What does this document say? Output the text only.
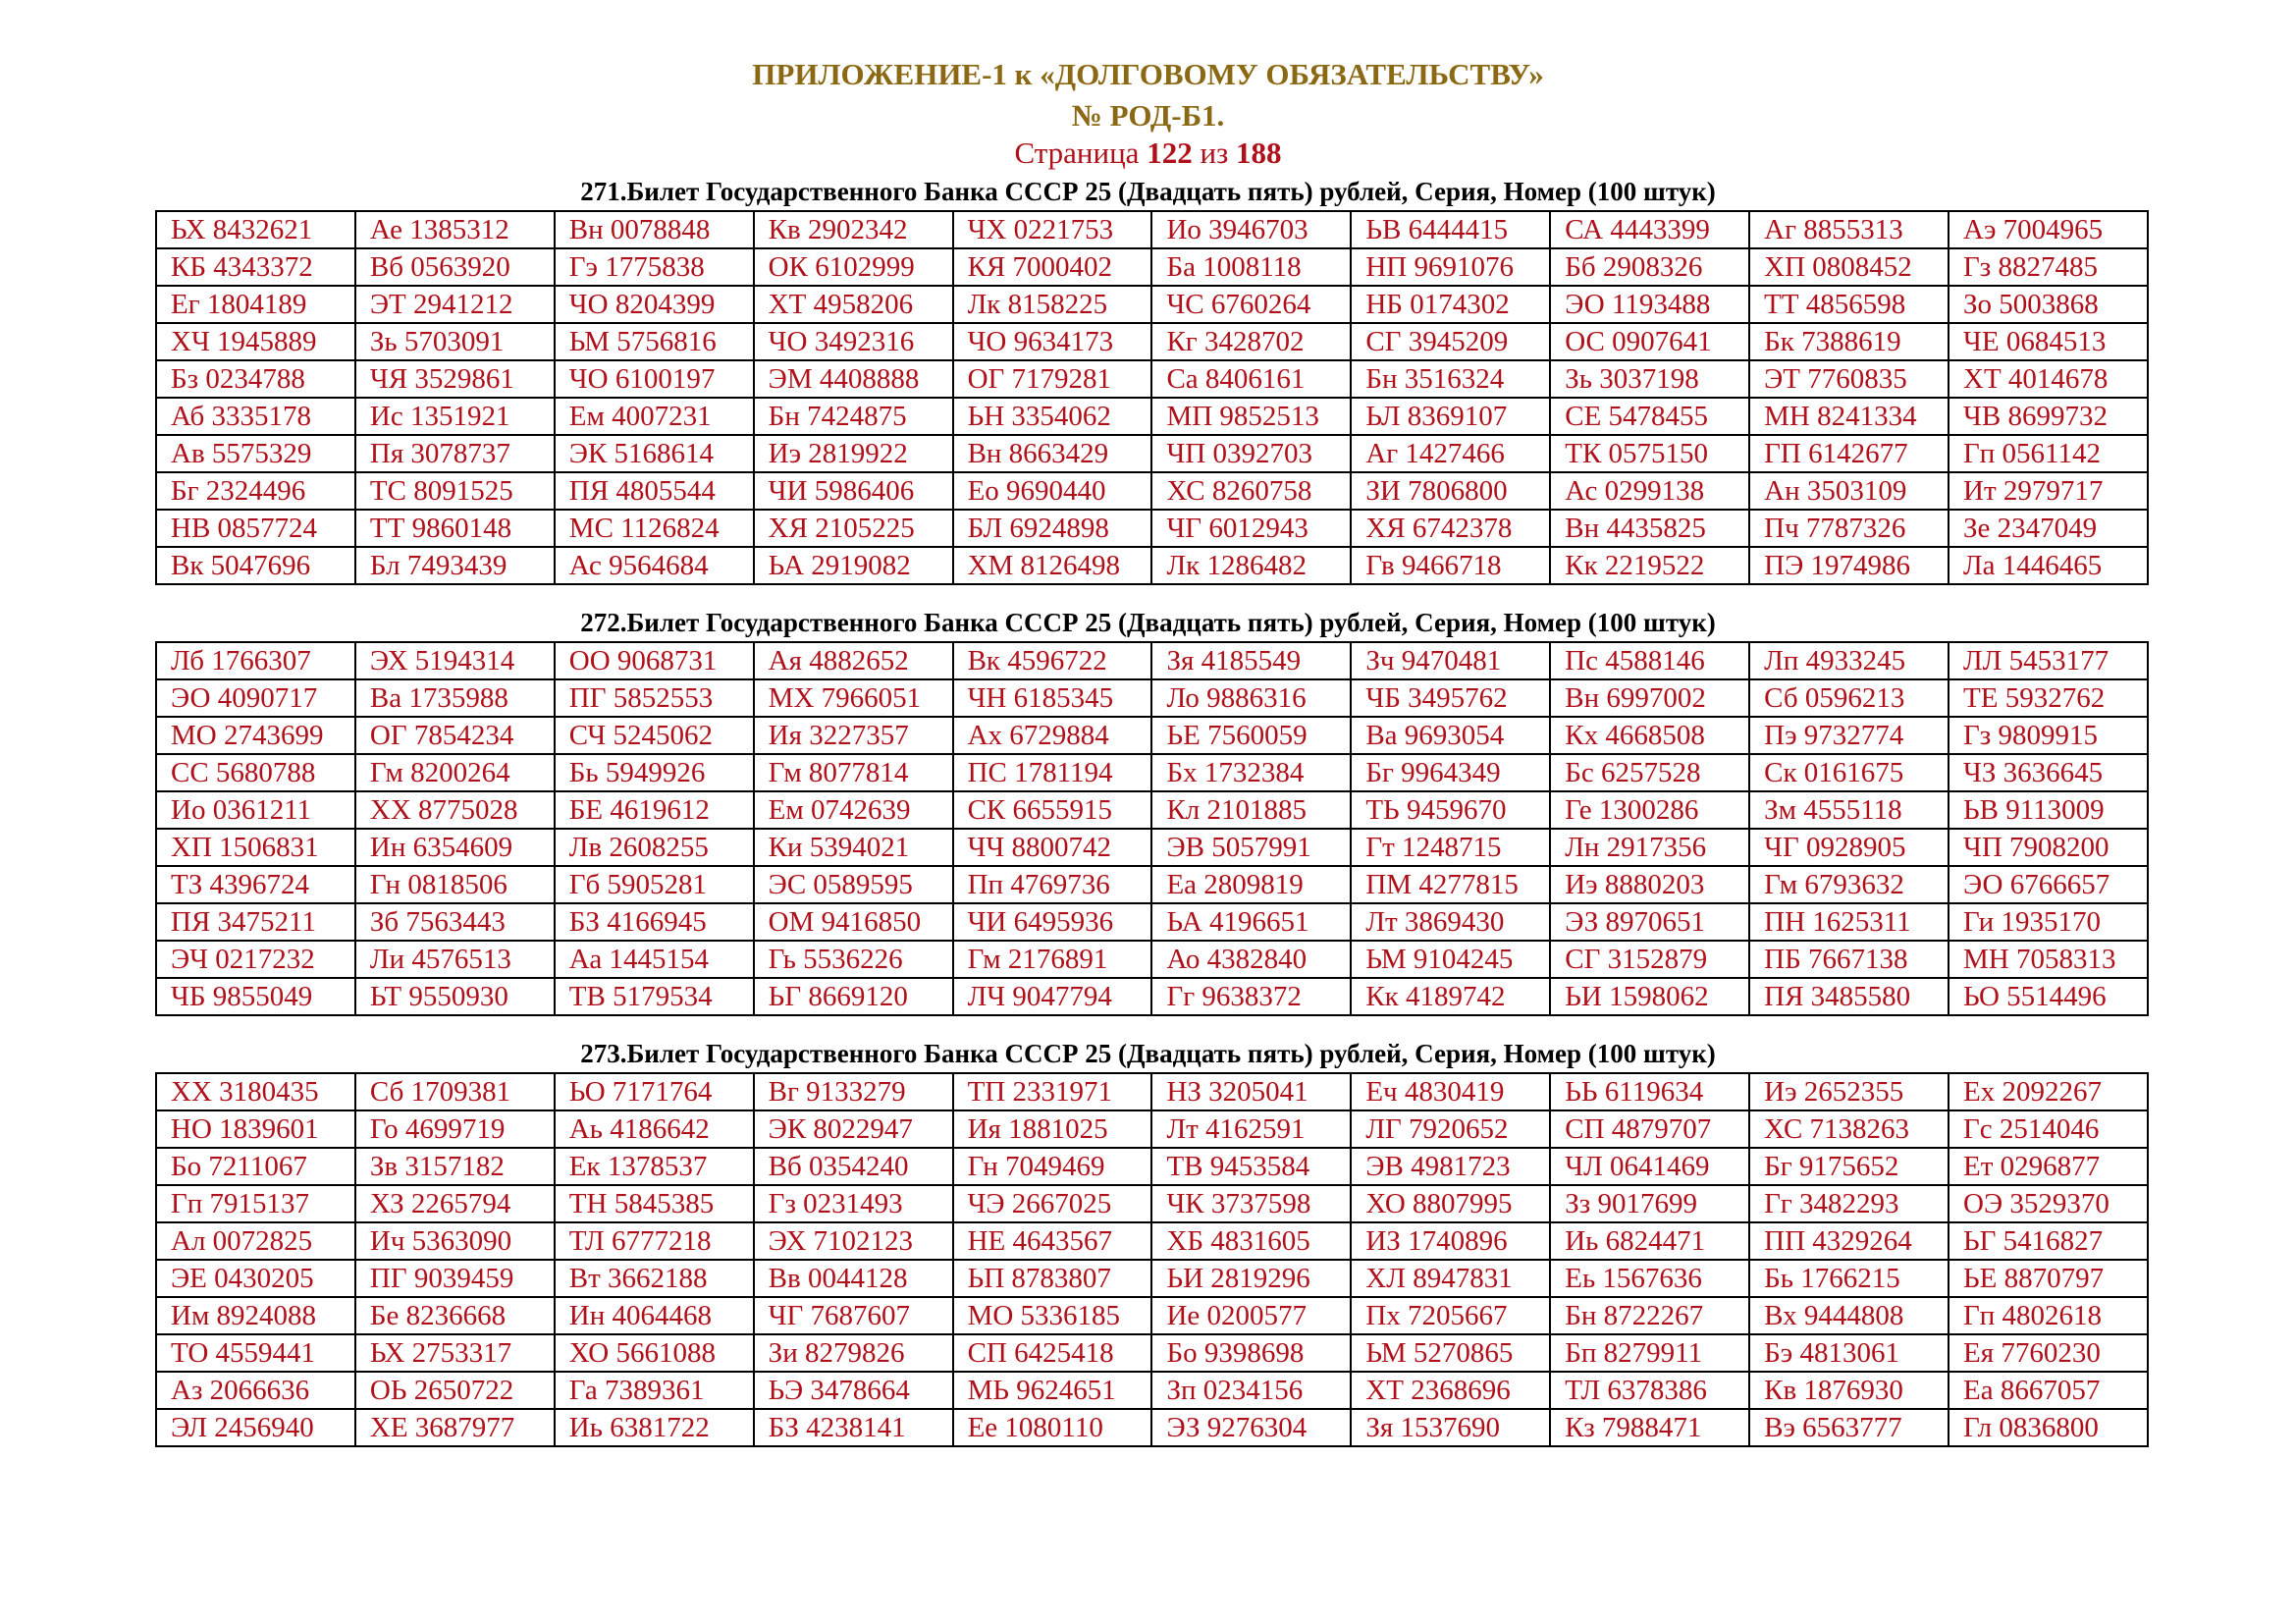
ПРИЛОЖЕНИЕ-1 к «ДОЛГОВОМУ ОБЯЗАТЕЛЬСТВУ»
№ РОД-Б1.
Страница 122 из 188
271.Билет Государственного Банка СССР 25 (Двадцать пять) рублей, Серия, Номер (100 штук)
ЬХ 8432621	Ае 1385312	Вн 0078848	Кв 2902342	ЧХ 0221753	Ио 3946703	ЬВ 6444415	СА 4443399	Аг 8855313	Аэ 7004965
КБ 4343372	Вб 0563920	Гэ 1775838	ОК 6102999	КЯ 7000402	Ба 1008118	НП 9691076	Бб 2908326	ХП 0808452	Гз 8827485
Ег 1804189	ЭТ 2941212	ЧО 8204399	ХТ 4958206	Лк 8158225	ЧС 6760264	НБ 0174302	ЭО 1193488	ТТ 4856598	Зо 5003868
ХЧ 1945889	Зь 5703091	ЬМ 5756816	ЧО 3492316	ЧО 9634173	Кг 3428702	СГ 3945209	ОС 0907641	Бк 7388619	ЧЕ 0684513
Бз 0234788	ЧЯ 3529861	ЧО 6100197	ЭМ 4408888	ОГ 7179281	Са 8406161	Бн 3516324	Зь 3037198	ЭТ 7760835	ХТ 4014678
Аб 3335178	Ис 1351921	Ем 4007231	Бн 7424875	ЬН 3354062	МП 9852513	ЬЛ 8369107	СЕ 5478455	МН 8241334	ЧВ 8699732
Ав 5575329	Пя 3078737	ЭК 5168614	Иэ 2819922	Вн 8663429	ЧП 0392703	Аг 1427466	ТК 0575150	ГП 6142677	Гп 0561142
Бг 2324496	ТС 8091525	ПЯ 4805544	ЧИ 5986406	Ео 9690440	ХС 8260758	ЗИ 7806800	Ас 0299138	Ан 3503109	Ит 2979717
НВ 0857724	ТТ 9860148	МС 1126824	ХЯ 2105225	БЛ 6924898	ЧГ 6012943	ХЯ 6742378	Вн 4435825	Пч 7787326	Зе 2347049
Вк 5047696	Бл 7493439	Ас 9564684	ЬА 2919082	ХМ 8126498	Лк 1286482	Гв 9466718	Кк 2219522	ПЭ 1974986	Ла 1446465
272.Билет Государственного Банка СССР 25 (Двадцать пять) рублей, Серия, Номер (100 штук)
Лб 1766307	ЭХ 5194314	ОО 9068731	Ая 4882652	Вк 4596722	Зя 4185549	Зч 9470481	Пс 4588146	Лп 4933245	ЛЛ 5453177
ЭО 4090717	Ва 1735988	ПГ 5852553	МХ 7966051	ЧН 6185345	Ло 9886316	ЧБ 3495762	Вн 6997002	Сб 0596213	ТЕ 5932762
МО 2743699	ОГ 7854234	СЧ 5245062	Ия 3227357	Ах 6729884	ЬЕ 7560059	Ва 9693054	Кх 4668508	Пэ 9732774	Гз 9809915
СС 5680788	Гм 8200264	Бь 5949926	Гм 8077814	ПС 1781194	Бх 1732384	Бг 9964349	Бс 6257528	Ск 0161675	ЧЗ 3636645
Ио 0361211	ХХ 8775028	БЕ 4619612	Ем 0742639	СК 6655915	Кл 2101885	ТЬ 9459670	Ге 1300286	Зм 4555118	ЬВ 9113009
ХП 1506831	Ин 6354609	Лв 2608255	Ки 5394021	ЧЧ 8800742	ЭВ 5057991	Гт 1248715	Лн 2917356	ЧГ 0928905	ЧП 7908200
ТЗ 4396724	Гн 0818506	Гб 5905281	ЭС 0589595	Пп 4769736	Еа 2809819	ПМ 4277815	Иэ 8880203	Гм 6793632	ЭО 6766657
ПЯ 3475211	Зб 7563443	БЗ 4166945	ОМ 9416850	ЧИ 6495936	ЬА 4196651	Лт 3869430	ЭЗ 8970651	ПН 1625311	Ги 1935170
ЭЧ 0217232	Ли 4576513	Аа 1445154	Гь 5536226	Гм 2176891	Ао 4382840	ЬМ 9104245	СГ 3152879	ПБ 7667138	МН 7058313
ЧБ 9855049	ЬТ 9550930	ТВ 5179534	ЬГ 8669120	ЛЧ 9047794	Гг 9638372	Кк 4189742	ЬИ 1598062	ПЯ 3485580	ЬО 5514496
273.Билет Государственного Банка СССР 25 (Двадцать пять) рублей, Серия, Номер (100 штук)
ХХ 3180435	Сб 1709381	ЬО 7171764	Вг 9133279	ТП 2331971	НЗ 3205041	Еч 4830419	ЬЬ 6119634	Иэ 2652355	Ех 2092267
НО 1839601	Го 4699719	Аь 4186642	ЭК 8022947	Ия 1881025	Лт 4162591	ЛГ 7920652	СП 4879707	ХС 7138263	Гс 2514046
Бо 7211067	Зв 3157182	Ек 1378537	Вб 0354240	Гн 7049469	ТВ 9453584	ЭВ 4981723	ЧЛ 0641469	Бг 9175652	Ет 0296877
Гп 7915137	ХЗ 2265794	ТН 5845385	Гз 0231493	ЧЭ 2667025	ЧК 3737598	ХО 8807995	Зз 9017699	Гг 3482293	ОЭ 3529370
Ал 0072825	Ич 5363090	ТЛ 6777218	ЭХ 7102123	НЕ 4643567	ХБ 4831605	ИЗ 1740896	Иь 6824471	ПП 4329264	ЬГ 5416827
ЭЕ 0430205	ПГ 9039459	Вт 3662188	Вв 0044128	ЬП 8783807	ЬИ 2819296	ХЛ 8947831	Еь 1567636	Бь 1766215	ЬЕ 8870797
Им 8924088	Бе 8236668	Ин 4064468	ЧГ 7687607	МО 5336185	Ие 0200577	Пх 7205667	Бн 8722267	Вх 9444808	Гп 4802618
ТО 4559441	ЬХ 2753317	ХО 5661088	Зи 8279826	СП 6425418	Бо 9398698	ЬМ 5270865	Бп 8279911	Бэ 4813061	Ея 7760230
Аз 2066636	ОЬ 2650722	Га 7389361	ЬЭ 3478664	МЬ 9624651	Зп 0234156	ХТ 2368696	ТЛ 6378386	Кв 1876930	Еа 8667057
ЭЛ 2456940	ХЕ 3687977	Иь 6381722	БЗ 4238141	Ее 1080110	ЭЗ 9276304	Зя 1537690	Кз 7988471	Вэ 6563777	Гл 0836800
